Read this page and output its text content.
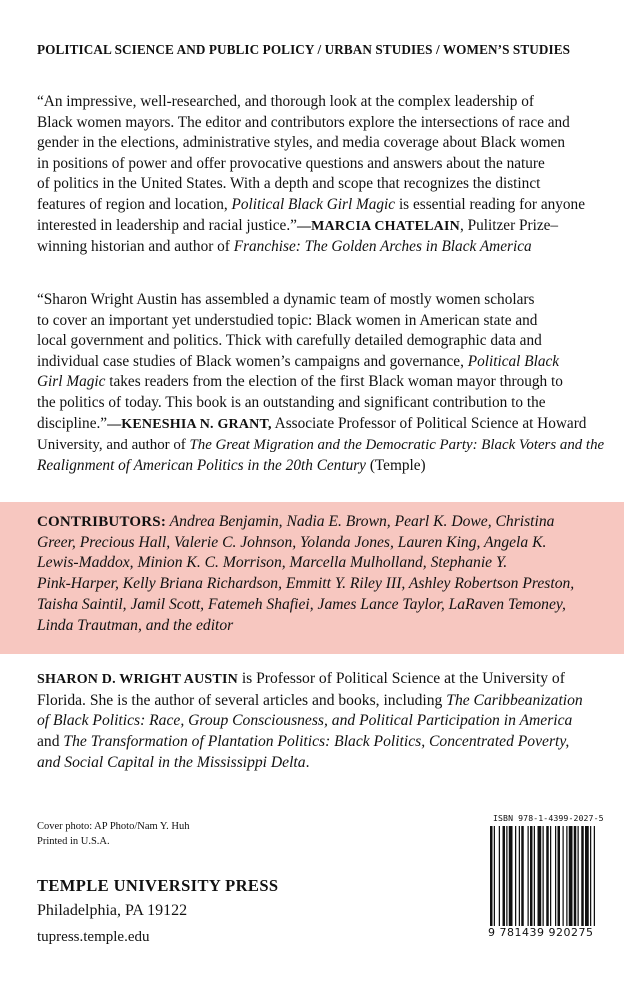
POLITICAL SCIENCE AND PUBLIC POLICY / URBAN STUDIES / WOMEN’S STUDIES
“An impressive, well-researched, and thorough look at the complex leadership of
Black women mayors. The editor and contributors explore the intersections of race and
gender in the elections, administrative styles, and media coverage about Black women
in positions of power and offer provocative questions and answers about the nature
of politics in the United States. With a depth and scope that recognizes the distinct
features of region and location, Political Black Girl Magic is essential reading for anyone
interested in leadership and racial justice.”—MARCIA CHATELAIN, Pulitzer Prize–
winning historian and author of Franchise: The Golden Arches in Black America
“Sharon Wright Austin has assembled a dynamic team of mostly women scholars
to cover an important yet understudied topic: Black women in American state and
local government and politics. Thick with carefully detailed demographic data and
individual case studies of Black women’s campaigns and governance, Political Black
Girl Magic takes readers from the election of the first Black woman mayor through to
the politics of today. This book is an outstanding and significant contribution to the
discipline.”—KENESHIA N. GRANT, Associate Professor of Political Science at Howard
University, and author of The Great Migration and the Democratic Party: Black Voters and the
Realignment of American Politics in the 20th Century (Temple)
CONTRIBUTORS: Andrea Benjamin, Nadia E. Brown, Pearl K. Dowe, Christina
Greer, Precious Hall, Valerie C. Johnson, Yolanda Jones, Lauren King, Angela K.
Lewis-Maddox, Minion K. C. Morrison, Marcella Mulholland, Stephanie Y.
Pink-Harper, Kelly Briana Richardson, Emmitt Y. Riley III, Ashley Robertson Preston,
Taisha Saintil, Jamil Scott, Fatemeh Shafiei, James Lance Taylor, LaRaven Temoney,
Linda Trautman, and the editor
SHARON D. WRIGHT AUSTIN is Professor of Political Science at the University of
Florida. She is the author of several articles and books, including The Caribbeanization
of Black Politics: Race, Group Consciousness, and Political Participation in America
and The Transformation of Plantation Politics: Black Politics, Concentrated Poverty,
and Social Capital in the Mississippi Delta.
Cover photo: AP Photo/Nam Y. Huh
Printed in U.S.A.
TEMPLE UNIVERSITY PRESS
Philadelphia, PA 19122
tupress.temple.edu
ISBN 978-1-4399-2027-5
9 781439 920275
